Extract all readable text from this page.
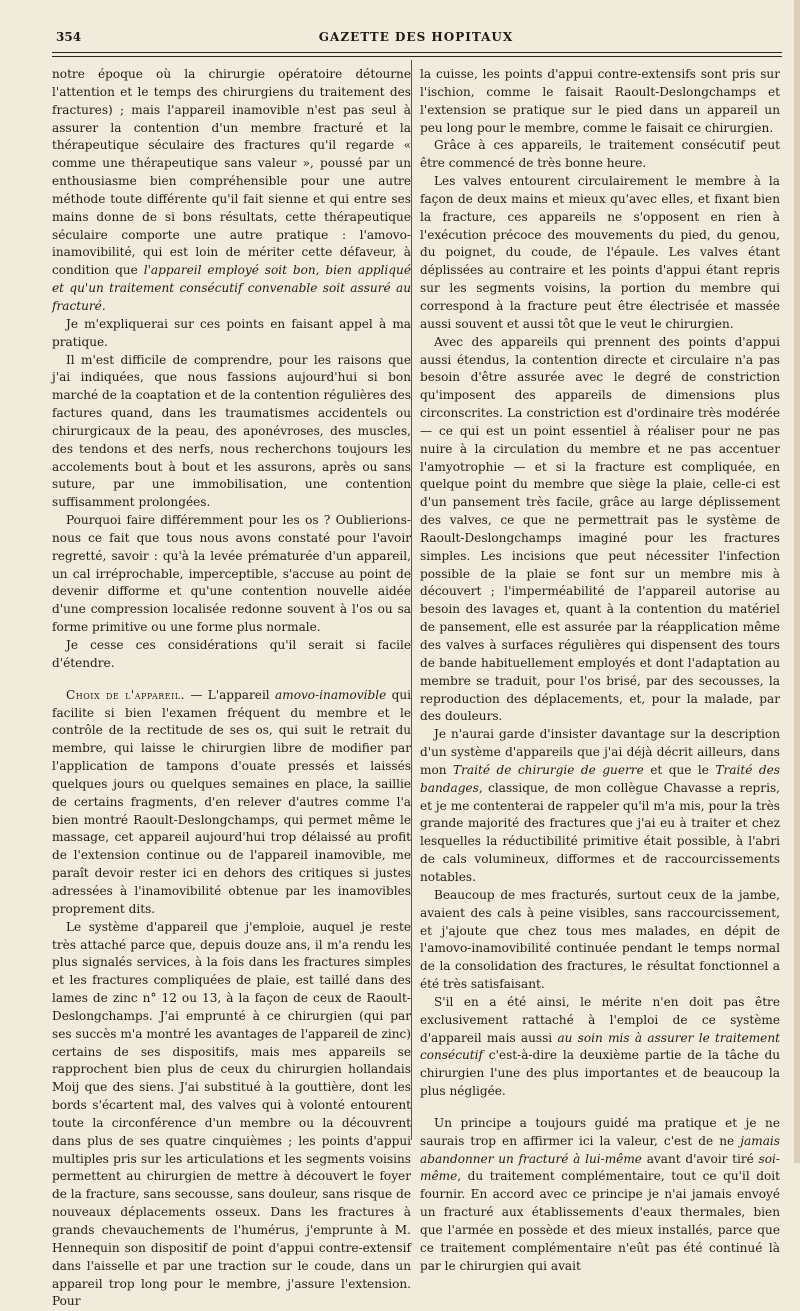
354	GAZETTE DES HOPITAUX

notre époque où la chirurgie opératoire détourne l'attention et le temps des chirurgiens du traitement des fractures) ; mais l'appareil inamovible n'est pas seul à assurer la contention d'un membre fracturé et la thérapeutique séculaire des fractures qu'il regarde « comme une thérapeutique sans valeur », poussé par un enthousiasme bien compréhensible pour une autre méthode toute différente qu'il fait sienne et qui entre ses mains donne de si bons résultats, cette thérapeutique séculaire comporte une autre pratique : l'amovo-inamovibilité, qui est loin de mériter cette défaveur, à condition que l'appareil employé soit bon, bien appliqué et qu'un traitement consécutif convenable soit assuré au fracturé.

Je m'expliquerai sur ces points en faisant appel à ma pratique.

Il m'est difficile de comprendre, pour les raisons que j'ai indiquées, que nous fassions aujourd'hui si bon marché de la coaptation et de la contention régulières des factures quand, dans les traumatismes accidentels ou chirurgicaux de la peau, des aponévroses, des muscles, des tendons et des nerfs, nous recherchons toujours les accolements bout à bout et les assurons, après ou sans suture, par une immobilisation, une contention suffisamment prolongées.

Pourquoi faire différemment pour les os ? Oublierions-nous ce fait que tous nous avons constaté pour l'avoir regretté, savoir : qu'à la levée prématurée d'un appareil, un cal irréprochable, imperceptible, s'accuse au point de devenir difforme et qu'une contention nouvelle aidée d'une compression localisée redonne souvent à l'os ou sa forme primitive ou une forme plus normale.

Je cesse ces considérations qu'il serait si facile d'étendre.

Choix de l'appareil. — L'appareil amovo-inamovible qui facilite si bien l'examen fréquent du membre et le contrôle de la rectitude de ses os, qui suit le retrait du membre, qui laisse le chirurgien libre de modifier par l'application de tampons d'ouate pressés et laissés quelques jours ou quelques semaines en place, la saillie de certains fragments, d'en relever d'autres comme l'a bien montré Raoult-Deslongchamps, qui permet même le massage, cet appareil aujourd'hui trop délaissé au profit de l'extension continue ou de l'appareil inamovible, me paraît devoir rester ici en dehors des critiques si justes adressées à l'inamovibilité obtenue par les inamovibles proprement dits.

Le système d'appareil que j'emploie, auquel je reste très attaché parce que, depuis douze ans, il m'a rendu les plus signalés services, à la fois dans les fractures simples et les fractures compliquées de plaie, est taillé dans des lames de zinc n° 12 ou 13, à la façon de ceux de Raoult-Deslongchamps. J'ai emprunté à ce chirurgien (qui par ses succès m'a montré les avantages de l'appareil de zinc) certains de ses dispositifs, mais mes appareils se rapprochent bien plus de ceux du chirurgien hollandais Moij que des siens. J'ai substitué à la gouttière, dont les bords s'écartent mal, des valves qui à volonté entourent toute la circonférence d'un membre ou la découvrent dans plus de ses quatre cinquièmes ; les points d'appui multiples pris sur les articulations et les segments voisins permettent au chirurgien de mettre à découvert le foyer de la fracture, sans secousse, sans douleur, sans risque de nouveaux déplacements osseux. Dans les fractures à grands chevauchements de l'humérus, j'emprunte à M. Hennequin son dispositif de point d'appui contre-extensif dans l'aisselle et par une traction sur le coude, dans un appareil trop long pour le membre, j'assure l'extension. Pour

la cuisse, les points d'appui contre-extensifs sont pris sur l'ischion, comme le faisait Raoult-Deslongchamps et l'extension se pratique sur le pied dans un appareil un peu long pour le membre, comme le faisait ce chirurgien.

Grâce à ces appareils, le traitement consécutif peut être commencé de très bonne heure.

Les valves entourent circulairement le membre à la façon de deux mains et mieux qu'avec elles, et fixant bien la fracture, ces appareils ne s'opposent en rien à l'exécution précoce des mouvements du pied, du genou, du poignet, du coude, de l'épaule. Les valves étant déplissées au contraire et les points d'appui étant repris sur les segments voisins, la portion du membre qui correspond à la fracture peut être électrisée et massée aussi souvent et aussi tôt que le veut le chirurgien.

Avec des appareils qui prennent des points d'appui aussi étendus, la contention directe et circulaire n'a pas besoin d'être assurée avec le degré de constriction qu'imposent des appareils de dimensions plus circonscrites. La constriction est d'ordinaire très modérée — ce qui est un point essentiel à réaliser pour ne pas nuire à la circulation du membre et ne pas accentuer l'amyotrophie — et si la fracture est compliquée, en quelque point du membre que siège la plaie, celle-ci est d'un pansement très facile, grâce au large déplissement des valves, ce que ne permettrait pas le système de Raoult-Deslongchamps imaginé pour les fractures simples. Les incisions que peut nécessiter l'infection possible de la plaie se font sur un membre mis à découvert ; l'imperméabilité de l'appareil autorise au besoin des lavages et, quant à la contention du matériel de pansement, elle est assurée par la réapplication même des valves à surfaces régulières qui dispensent des tours de bande habituellement employés et dont l'adaptation au membre se traduit, pour l'os brisé, par des secousses, la reproduction des déplacements, et, pour la malade, par des douleurs.

Je n'aurai garde d'insister davantage sur la description d'un système d'appareils que j'ai déjà décrit ailleurs, dans mon Traité de chirurgie de guerre et que le Traité des bandages, classique, de mon collègue Chavasse a repris, et je me contenterai de rappeler qu'il m'a mis, pour la très grande majorité des fractures que j'ai eu à traiter et chez lesquelles la réductibilité primitive était possible, à l'abri de cals volumineux, difformes et de raccourcissements notables.

Beaucoup de mes fracturés, surtout ceux de la jambe, avaient des cals à peine visibles, sans raccourcissement, et j'ajoute que chez tous mes malades, en dépit de l'amovo-inamovibilité continuée pendant le temps normal de la consolidation des fractures, le résultat fonctionnel a été très satisfaisant.

S'il en a été ainsi, le mérite n'en doit pas être exclusivement rattaché à l'emploi de ce système d'appareil mais aussi au soin mis à assurer le traitement consécutif c'est-à-dire la deuxième partie de la tâche du chirurgien l'une des plus importantes et de beaucoup la plus négligée.

Un principe a toujours guidé ma pratique et je ne saurais trop en affirmer ici la valeur, c'est de ne jamais abandonner un fracturé à lui-même avant d'avoir tiré soi-même, du traitement complémentaire, tout ce qu'il doit fournir. En accord avec ce principe je n'ai jamais envoyé un fracturé aux établissements d'eaux thermales, bien que l'armée en possède et des mieux installés, parce que ce traitement complémentaire n'eût pas été continué là par le chirurgien qui avait
